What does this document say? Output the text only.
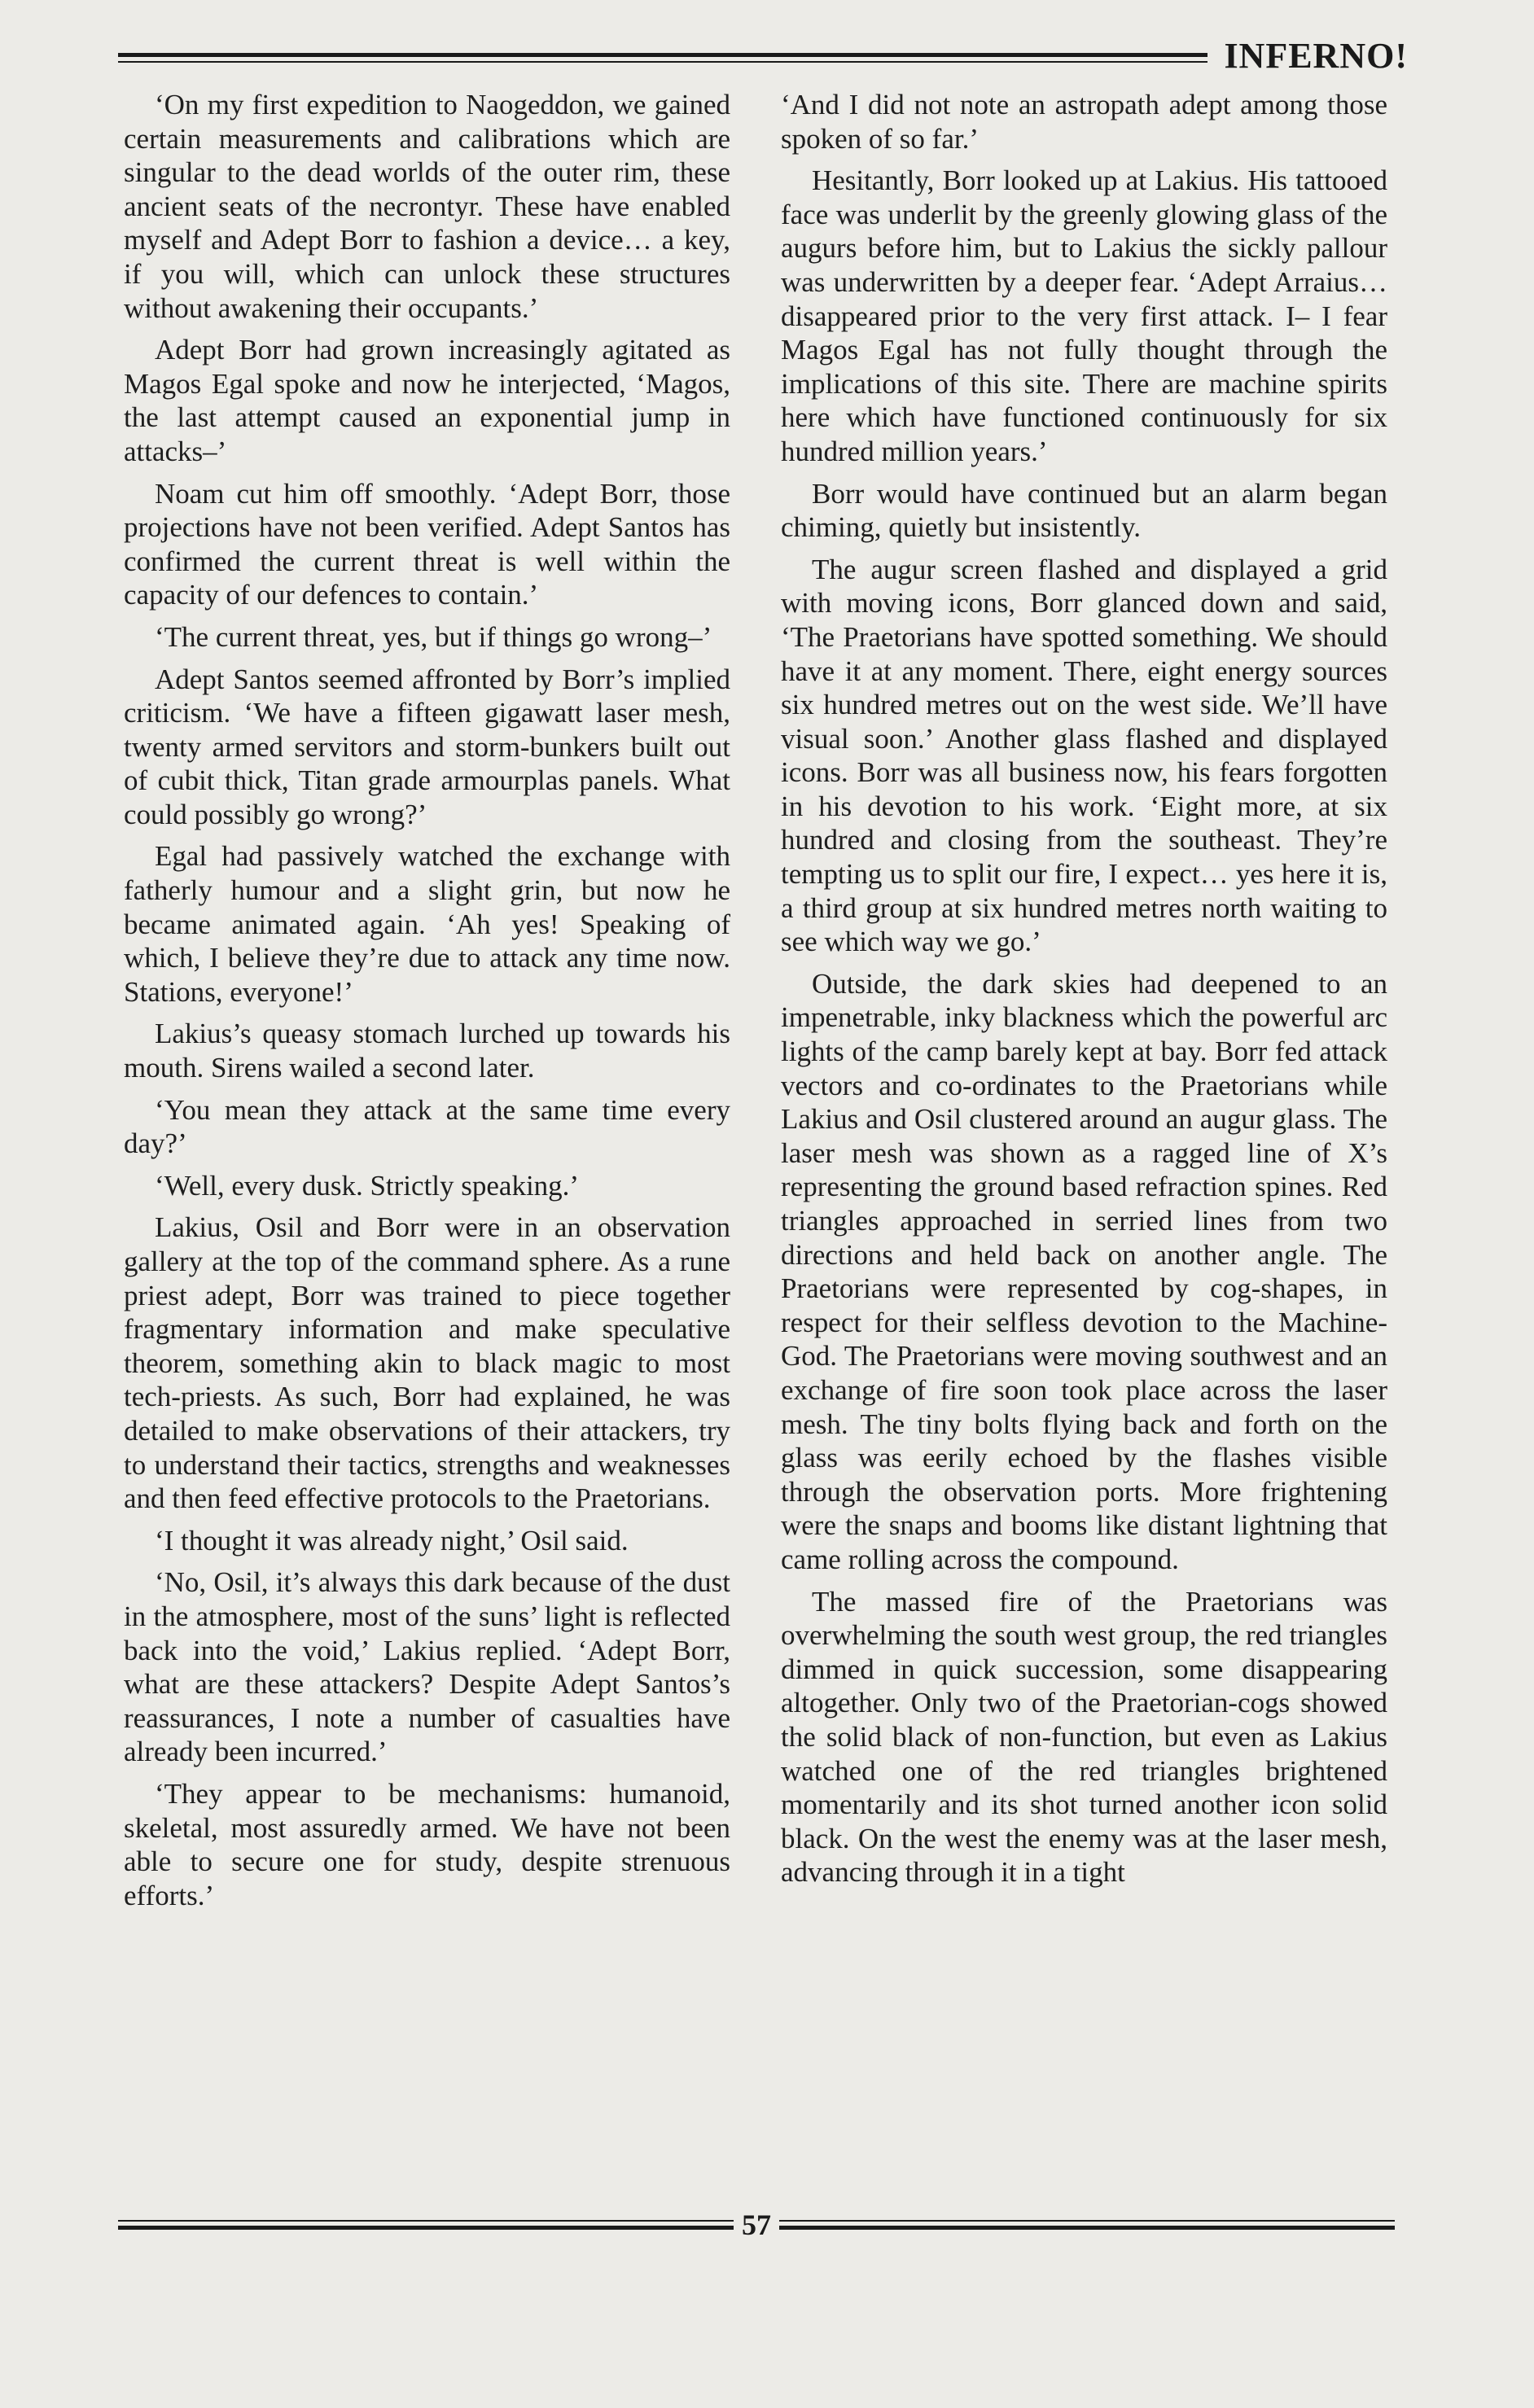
INFERNO!

‘On my first expedition to Naogeddon, we gained certain measurements and calibrations which are singular to the dead worlds of the outer rim, these ancient seats of the necrontyr. These have enabled myself and Adept Borr to fashion a device… a key, if you will, which can unlock these structures without awakening their occupants.’

Adept Borr had grown increasingly agitated as Magos Egal spoke and now he interjected, ‘Magos, the last attempt caused an exponential jump in attacks–’

Noam cut him off smoothly. ‘Adept Borr, those projections have not been verified. Adept Santos has confirmed the current threat is well within the capacity of our defences to contain.’

‘The current threat, yes, but if things go wrong–’

Adept Santos seemed affronted by Borr’s implied criticism. ‘We have a fifteen gigawatt laser mesh, twenty armed servitors and storm-bunkers built out of cubit thick, Titan grade armourplas panels. What could possibly go wrong?’

Egal had passively watched the exchange with fatherly humour and a slight grin, but now he became animated again. ‘Ah yes! Speaking of which, I believe they’re due to attack any time now. Stations, everyone!’

Lakius’s queasy stomach lurched up towards his mouth. Sirens wailed a second later.

‘You mean they attack at the same time every day?’

‘Well, every dusk. Strictly speaking.’

Lakius, Osil and Borr were in an observation gallery at the top of the command sphere. As a rune priest adept, Borr was trained to piece together fragmentary information and make speculative theorem, something akin to black magic to most tech-priests. As such, Borr had explained, he was detailed to make observations of their attackers, try to understand their tactics, strengths and weaknesses and then feed effective protocols to the Praetorians.

‘I thought it was already night,’ Osil said.

‘No, Osil, it’s always this dark because of the dust in the atmosphere, most of the suns’ light is reflected back into the void,’ Lakius replied. ‘Adept Borr, what are these attackers? Despite Adept Santos’s reassurances, I note a number of casualties have already been incurred.’

‘They appear to be mechanisms: humanoid, skeletal, most assuredly armed. We have not been able to secure one for study, despite strenuous efforts.’

‘And I did not note an astropath adept among those spoken of so far.’

Hesitantly, Borr looked up at Lakius. His tattooed face was underlit by the greenly glowing glass of the augurs before him, but to Lakius the sickly pallour was underwritten by a deeper fear. ‘Adept Arraius… disappeared prior to the very first attack. I– I fear Magos Egal has not fully thought through the implications of this site. There are machine spirits here which have functioned continuously for six hundred million years.’

Borr would have continued but an alarm began chiming, quietly but insistently.

The augur screen flashed and displayed a grid with moving icons, Borr glanced down and said, ‘The Praetorians have spotted something. We should have it at any moment. There, eight energy sources six hundred metres out on the west side. We’ll have visual soon.’ Another glass flashed and displayed icons. Borr was all business now, his fears forgotten in his devotion to his work. ‘Eight more, at six hundred and closing from the southeast. They’re tempting us to split our fire, I expect… yes here it is, a third group at six hundred metres north waiting to see which way we go.’

Outside, the dark skies had deepened to an impenetrable, inky blackness which the powerful arc lights of the camp barely kept at bay. Borr fed attack vectors and co-ordinates to the Praetorians while Lakius and Osil clustered around an augur glass. The laser mesh was shown as a ragged line of X’s representing the ground based refraction spines. Red triangles approached in serried lines from two directions and held back on another angle. The Praetorians were represented by cog-shapes, in respect for their selfless devotion to the Machine-God. The Praetorians were moving southwest and an exchange of fire soon took place across the laser mesh. The tiny bolts flying back and forth on the glass was eerily echoed by the flashes visible through the observation ports. More frightening were the snaps and booms like distant lightning that came rolling across the compound.

The massed fire of the Praetorians was overwhelming the south west group, the red triangles dimmed in quick succession, some disappearing altogether. Only two of the Praetorian-cogs showed the solid black of non-function, but even as Lakius watched one of the red triangles brightened momentarily and its shot turned another icon solid black. On the west the enemy was at the laser mesh, advancing through it in a tight

57
